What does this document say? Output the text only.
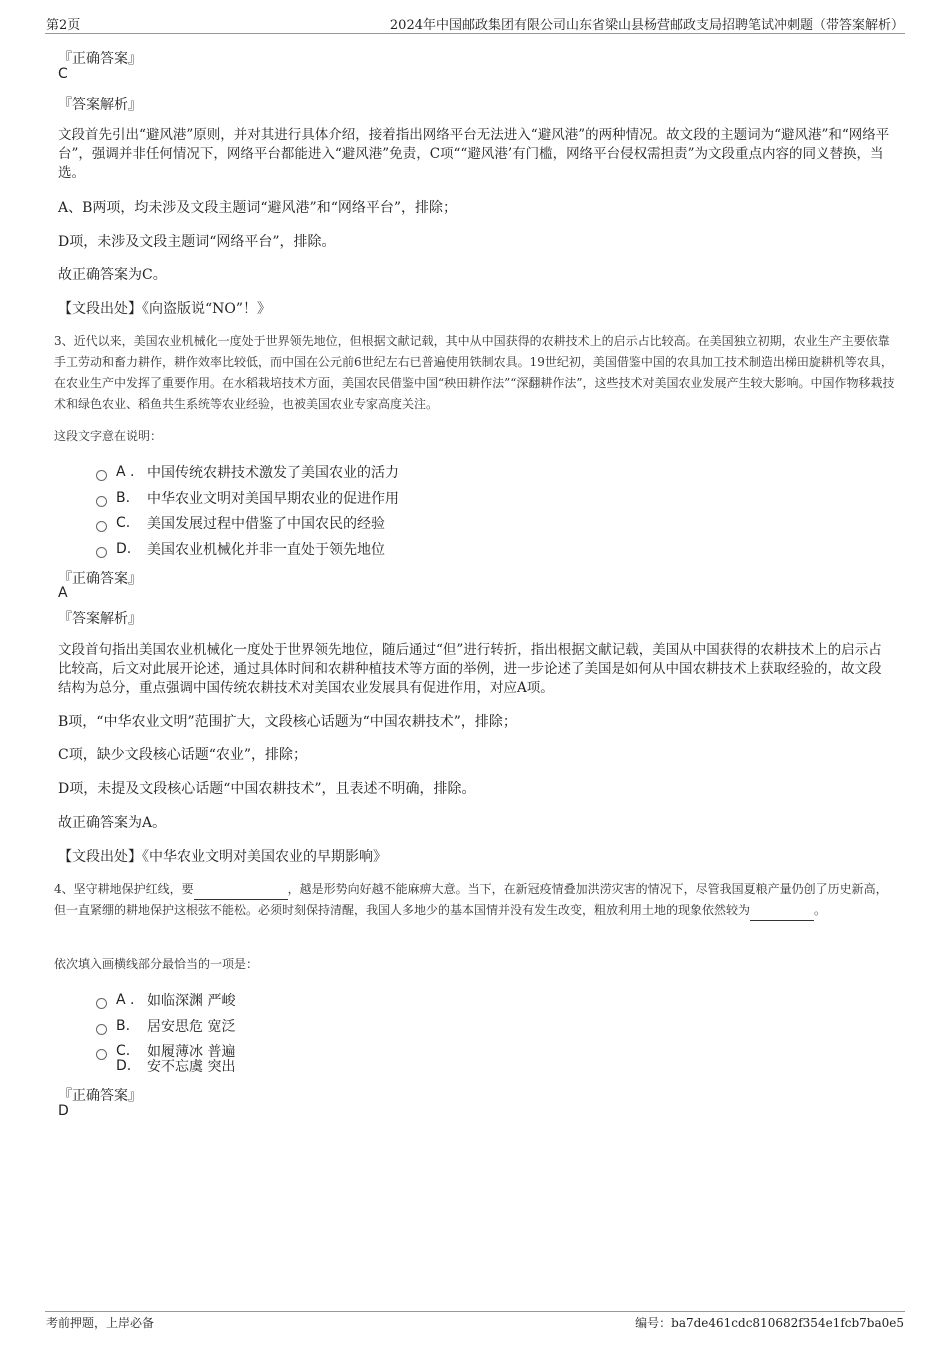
第2页	2024年中国邮政集团有限公司山东省梁山县杨营邮政支局招聘笔试冲刺题（带答案解析）
『正确答案』
C
『答案解析』
文段首先引出“避风港”原则，并对其进行具体介绍，接着指出网络平台无法进入“避风港”的两种情况。故文段的主题词为“避风港”和“网络平台”，强调并非任何情况下，网络平台都能进入“避风港”免责，C项““避风港’有门槛，网络平台侵权需担责”为文段重点内容的同义替换，当选。
A、B两项，均未涉及文段主题词“避风港”和“网络平台”，排除；
D项，未涉及文段主题词“网络平台”，排除。
故正确答案为C。
【文段出处】《向盗版说“NO”！》
3、近代以来，美国农业机械化一度处于世界领先地位，但根据文献记载，其中从中国获得的农耕技术上的启示占比较高。在美国独立初期，农业生产主要依靠手工劳动和畜力耕作，耕作效率比较低，而中国在公元前6世纪左右已普遍使用铁制农具。19世纪初，美国借鉴中国的农具加工技术制造出梯田旋耕机等农具，在农业生产中发挥了重要作用。在水稻栽培技术方面，美国农民借鉴中国“秧田耕作法”“深翻耕作法”，这些技术对美国农业发展产生较大影响。中国作物移栽技术和绿色农业、稻鱼共生系统等农业经验，也被美国农业专家高度关注。
这段文字意在说明：
A . 中国传统农耕技术激发了美国农业的活力
B.	中华农业文明对美国早期农业的促进作用
C.	美国发展过程中借鉴了中国农民的经验
D.	美国农业机械化并非一直处于领先地位
『正确答案』
A
『答案解析』
文段首句指出美国农业机械化一度处于世界领先地位，随后通过“但”进行转折，指出根据文献记载，美国从中国获得的农耕技术上的启示占比较高，后文对此展开论述，通过具体时间和农耕种植技术等方面的举例，进一步论述了美国是如何从中国农耕技术上获取经验的，故文段结构为总分，重点强调中国传统农耕技术对美国农业发展具有促进作用，对应A项。
B项，“中华农业文明”范围扩大，文段核心话题为“中国农耕技术”，排除；
C项，缺少文段核心话题“农业”，排除；
D项，未提及文段核心话题“中国农耕技术”，且表述不明确，排除。
故正确答案为A。
【文段出处】《中华农业文明对美国农业的早期影响》
4、坚守耕地保护红线，要	，越是形势向好越不能麻痹大意。当下，在新冠疫情叠加洪涝灾害的情况下，尽管我国夏粮产量仍创了历史新高，但一直紧绷的耕地保护这根弦不能松。必须时刻保持清醒，我国人多地少的基本国情并没有发生改变，粗放利用土地的现象依然较为	。
依次填入画横线部分最恰当的一项是：
A . 如临深渊 严峻
B.	居安思危 宽泛
C.	如履薄冰 普遍
D.	安不忘虞 突出
『正确答案』
D
考前押题，上岸必备	编号：ba7de461cdc810682f354e1fcb7ba0e5
